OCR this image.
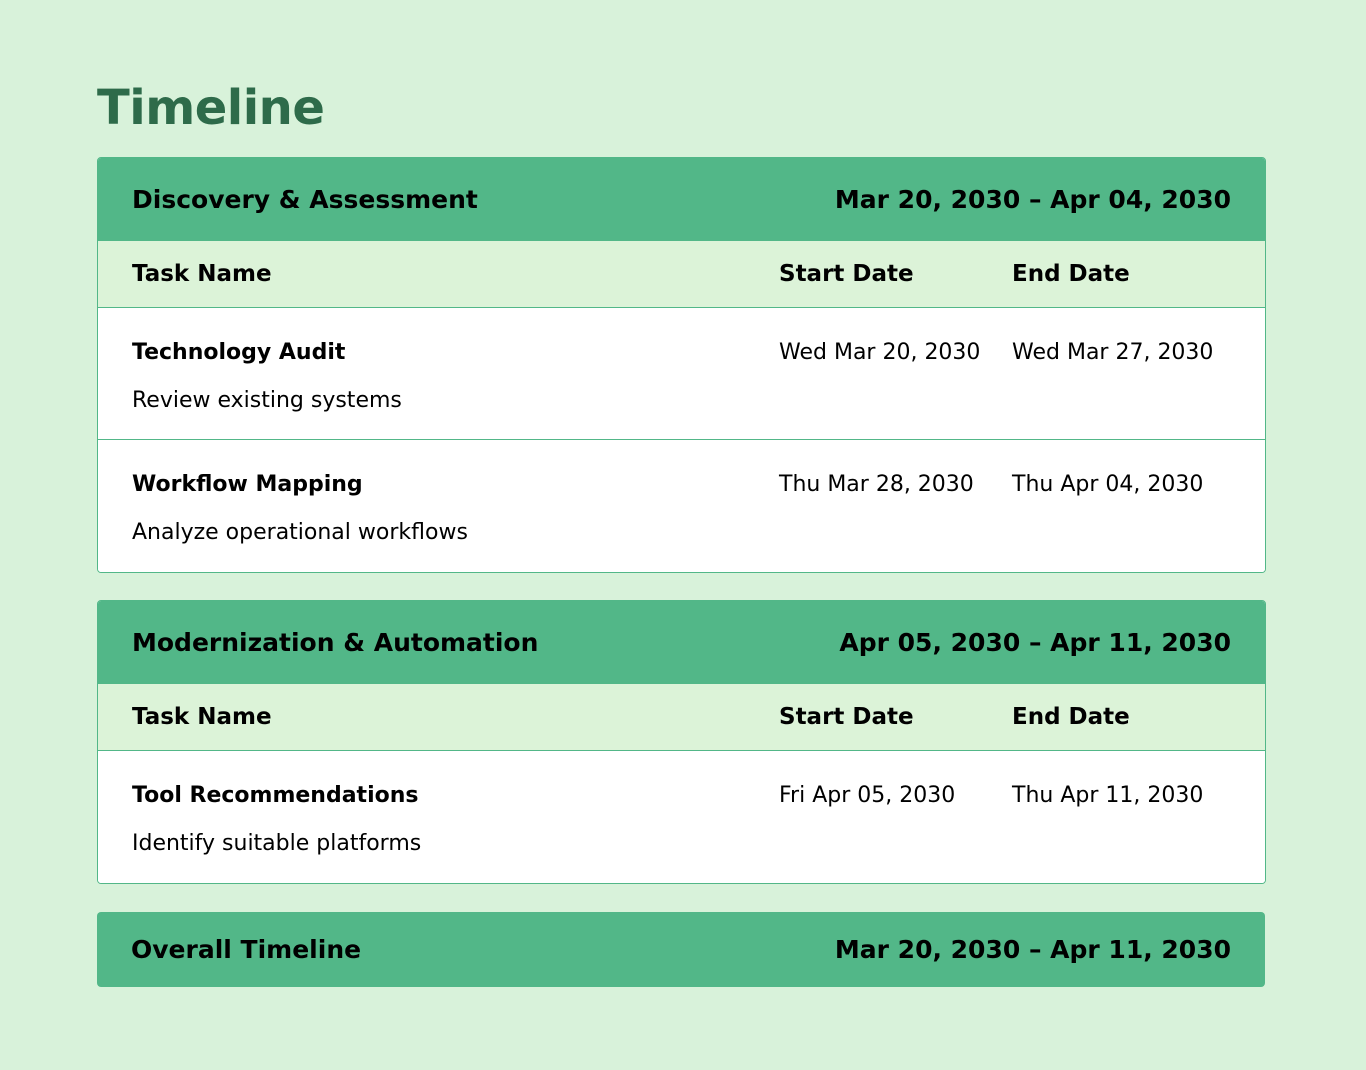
Timeline
Discovery & Assessment	Mar 20, 2030 – Apr 04, 2030
Task Name	Start Date	End Date
Technology Audit
Review existing systems
Wed Mar 20, 2030	Wed Mar 27, 2030
Workflow Mapping
Analyze operational workflows
Thu Mar 28, 2030	Thu Apr 04, 2030
Modernization & Automation	Apr 05, 2030 – Apr 11, 2030
Task Name	Start Date	End Date
Tool Recommendations
Identify suitable platforms
Fri Apr 05, 2030	Thu Apr 11, 2030
Overall Timeline	Mar 20, 2030 – Apr 11, 2030
